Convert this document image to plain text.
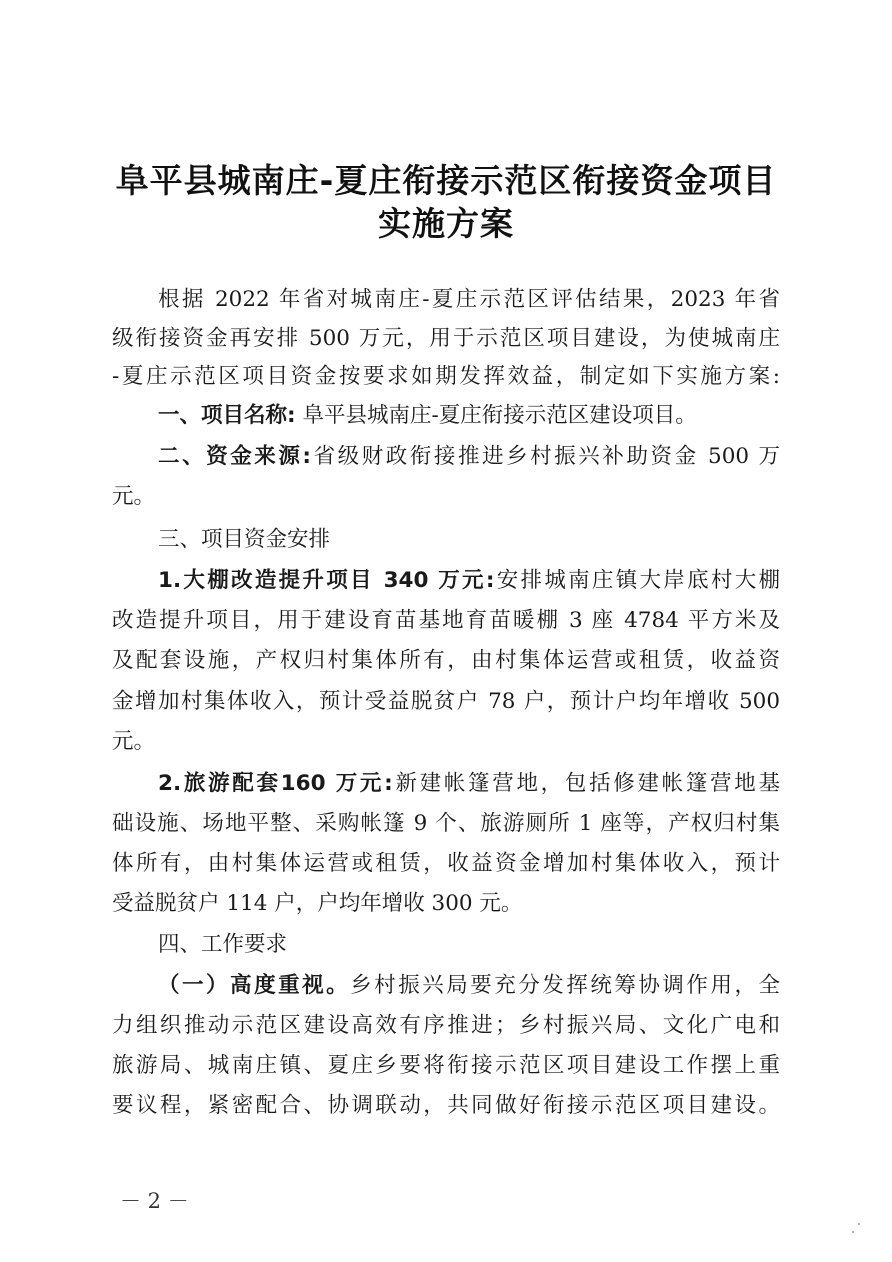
阜平县城南庄-夏庄衔接示范区衔接资金项目
实施方案
根据 2022 年省对城南庄-夏庄示范区评估结果，2023 年省
级衔接资金再安排 500 万元，用于示范区项目建设，为使城南庄
-夏庄示范区项目资金按要求如期发挥效益，制定如下实施方案:
一、项目名称: 阜平县城南庄-夏庄衔接示范区建设项目。
二、资金来源:省级财政衔接推进乡村振兴补助资金 500 万
元。
三、项目资金安排
1.大棚改造提升项目 340 万元:安排城南庄镇大岸底村大棚
改造提升项目，用于建设育苗基地育苗暖棚 3 座 4784 平方米及
及配套设施，产权归村集体所有，由村集体运营或租赁，收益资
金增加村集体收入，预计受益脱贫户 78 户，预计户均年增收 500
元。
2.旅游配套160 万元:新建帐篷营地，包括修建帐篷营地基
础设施、场地平整、采购帐篷 9 个、旅游厕所 1 座等，产权归村集
体所有，由村集体运营或租赁，收益资金增加村集体收入，预计
受益脱贫户 114 户，户均年增收 300 元。
四、工作要求
（一）高度重视。乡村振兴局要充分发挥统筹协调作用，全
力组织推动示范区建设高效有序推进；乡村振兴局、文化广电和
旅游局、城南庄镇、夏庄乡要将衔接示范区项目建设工作摆上重
要议程，紧密配合、协调联动，共同做好衔接示范区项目建设。
－ 2 －
